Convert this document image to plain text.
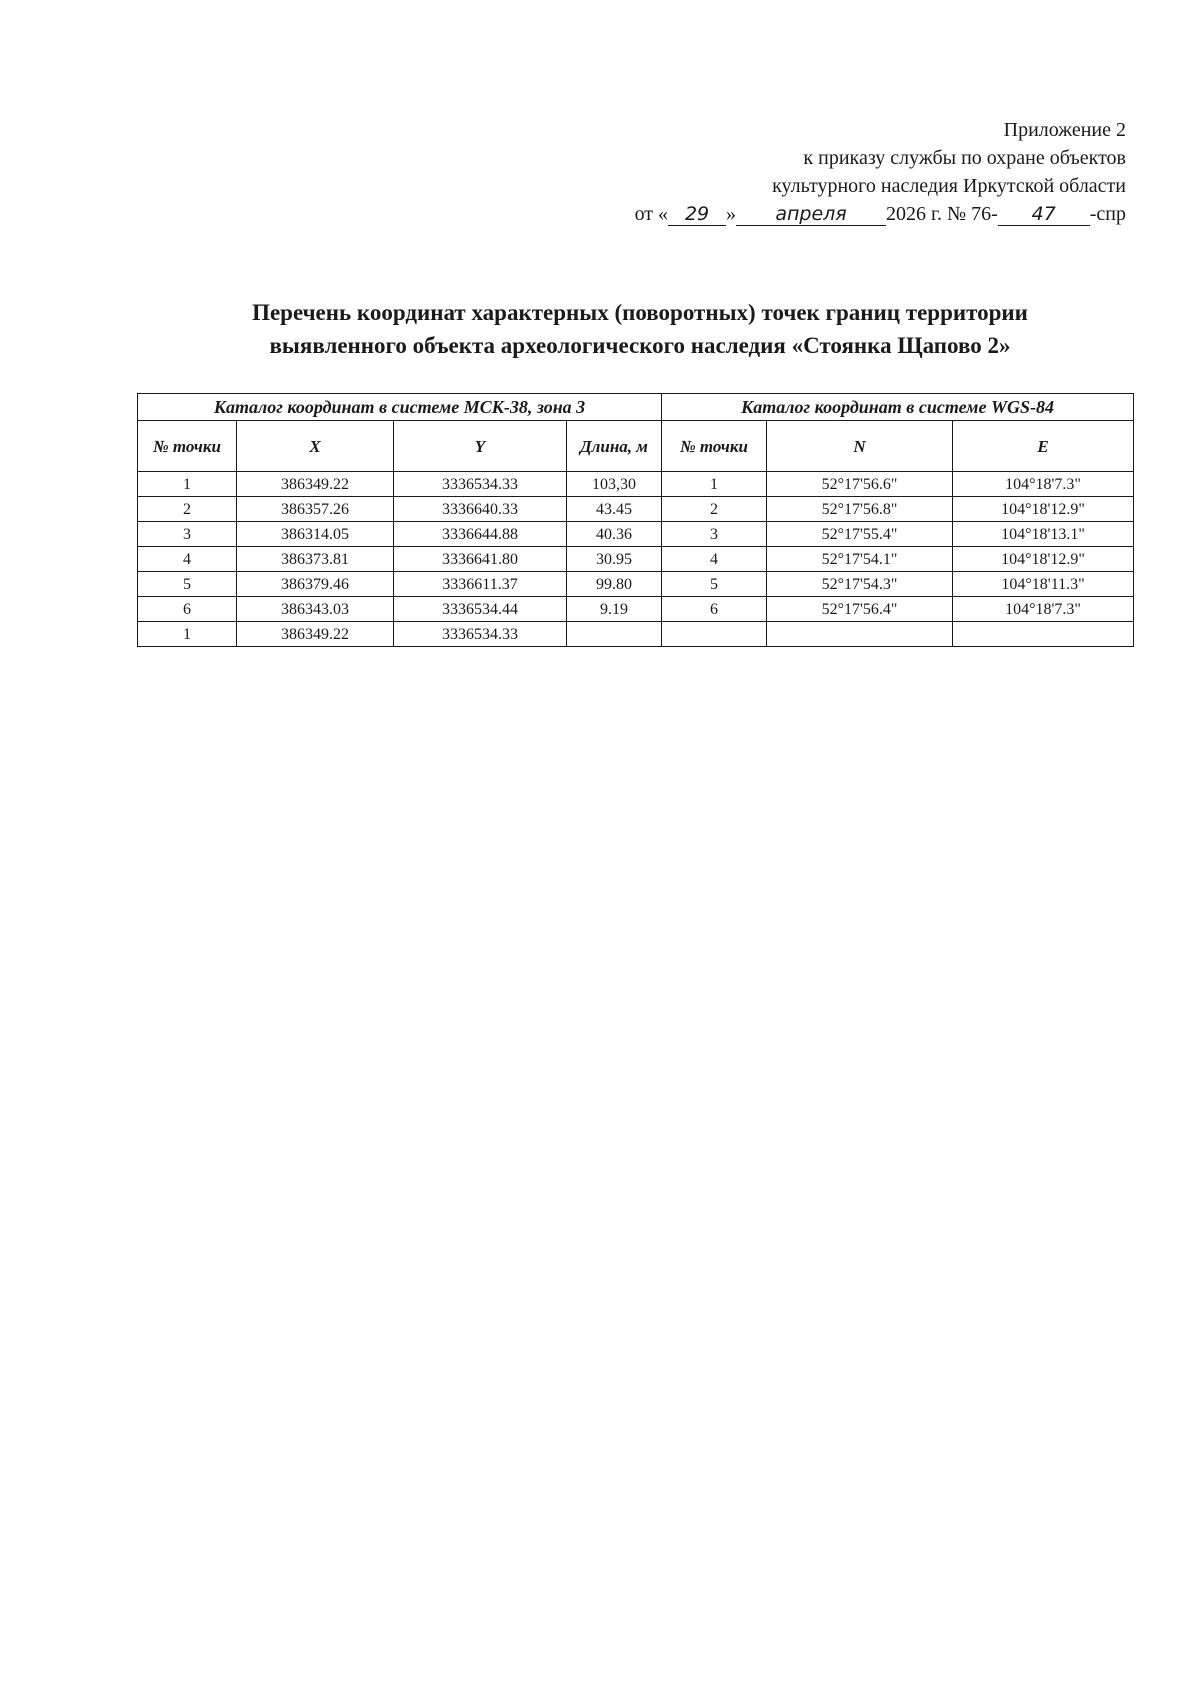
Приложение 2
к приказу службы по охране объектов
культурного наследия Иркутской области
от « 29 » апреля 2026 г. № 76- 47 -спр
Перечень координат характерных (поворотных) точек границ территории
выявленного объекта археологического наследия «Стоянка Щапово 2»
Каталог координат в системе МСК-38, зона 3				Каталог координат в системе WGS-84		
№ точки	X	Y	Длина, м	№ точки	N	E
1	386349.22	3336534.33	103,30	1	52°17'56.6"	104°18'7.3"
2	386357.26	3336640.33	43.45	2	52°17'56.8"	104°18'12.9"
3	386314.05	3336644.88	40.36	3	52°17'55.4"	104°18'13.1"
4	386373.81	3336641.80	30.95	4	52°17'54.1"	104°18'12.9"
5	386379.46	3336611.37	99.80	5	52°17'54.3"	104°18'11.3"
6	386343.03	3336534.44	9.19	6	52°17'56.4"	104°18'7.3"
1	386349.22	3336534.33				
